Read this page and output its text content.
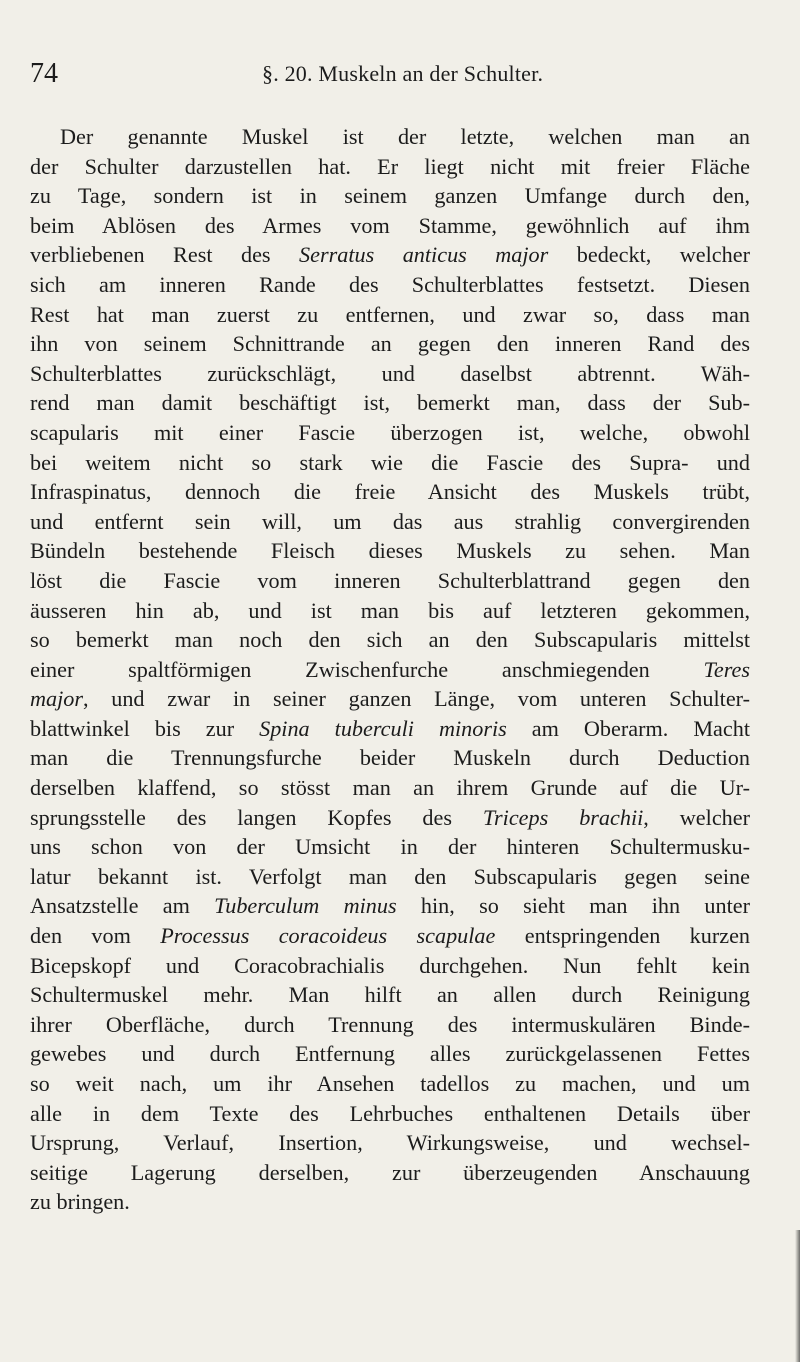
74	§. 20. Muskeln an der Schulter.
Der genannte Muskel ist der letzte, welchen man an
der Schulter darzustellen hat. Er liegt nicht mit freier Fläche
zu Tage, sondern ist in seinem ganzen Umfange durch den,
beim Ablösen des Armes vom Stamme, gewöhnlich auf ihm
verbliebenen Rest des Serratus anticus major bedeckt, welcher
sich am inneren Rande des Schulterblattes festsetzt. Diesen
Rest hat man zuerst zu entfernen, und zwar so, dass man
ihn von seinem Schnittrande an gegen den inneren Rand des
Schulterblattes zurückschlägt, und daselbst abtrennt. Wäh-
rend man damit beschäftigt ist, bemerkt man, dass der Sub-
scapularis mit einer Fascie überzogen ist, welche, obwohl
bei weitem nicht so stark wie die Fascie des Supra- und
Infraspinatus, dennoch die freie Ansicht des Muskels trübt,
und entfernt sein will, um das aus strahlig convergirenden
Bündeln bestehende Fleisch dieses Muskels zu sehen. Man
löst die Fascie vom inneren Schulterblattrand gegen den
äusseren hin ab, und ist man bis auf letzteren gekommen,
so bemerkt man noch den sich an den Subscapularis mittelst
einer spaltförmigen Zwischenfurche anschmiegenden Teres
major, und zwar in seiner ganzen Länge, vom unteren Schulter-
blattwinkel bis zur Spina tuberculi minoris am Oberarm. Macht
man die Trennungsfurche beider Muskeln durch Deduction
derselben klaffend, so stösst man an ihrem Grunde auf die Ur-
sprungsstelle des langen Kopfes des Triceps brachii, welcher
uns schon von der Umsicht in der hinteren Schultermusku-
latur bekannt ist. Verfolgt man den Subscapularis gegen seine
Ansatzstelle am Tuberculum minus hin, so sieht man ihn unter
den vom Processus coracoideus scapulae entspringenden kurzen
Bicepskopf und Coracobrachialis durchgehen. Nun fehlt kein
Schultermuskel mehr. Man hilft an allen durch Reinigung
ihrer Oberfläche, durch Trennung des intermuskulären Binde-
gewebes und durch Entfernung alles zurückgelassenen Fettes
so weit nach, um ihr Ansehen tadellos zu machen, und um
alle in dem Texte des Lehrbuches enthaltenen Details über
Ursprung, Verlauf, Insertion, Wirkungsweise, und wechsel-
seitige Lagerung derselben, zur überzeugenden Anschauung
zu bringen.
